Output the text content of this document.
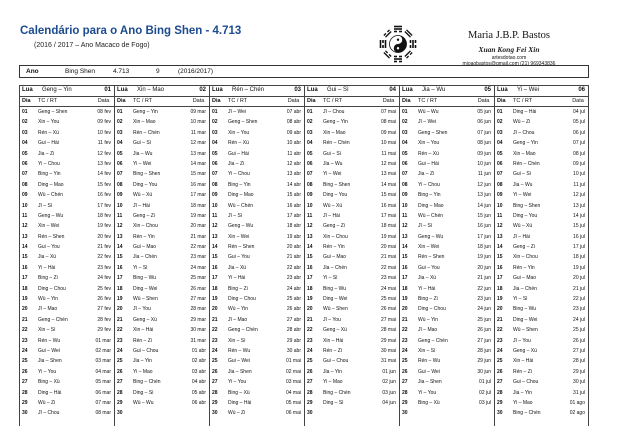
Calendário para o Ano Bing Shen - 4.713
(2016 / 2017 – Ano Macaco de Fogo)
Maria J.B.P. Bastos
Xuan Kong Fei Xin
artesdotao.com
mjoaobastos@gmail.com (21) 969343836
Ano	Bing Shen	4.713	9	(2016/2017)
Lua Geng – Yin	01
Dia	TC / RT	Data
01	Geng – Shen	08 fev
02	Xin – You	09 fev
03	Rén – Xü	10 fev
04	Gui – Hài	11 fev
05	Jia – Zi	12 fev
06	Yi – Chou	13 fev
07	Bing – Yin	14 fev
08	Ding – Mao	15 fev
09	Wù – Chén	16 fev
10	Jî – Sì	17 fev
11	Geng – Wu	18 fev
12	Xin – Wei	19 fev
13	Rén – Shen	20 fev
14	Gui – You	21 fev
15	Jia – Xü	22 fev
16	Yi – Hài	23 fev
17	Bing – Zi	24 fev
18	Ding – Chou	25 fev
19	Wù – Yin	26 fev
20	Jî – Mao	27 fev
21	Geng – Chén	28 fev
22	Xin – Sì	29 fev
23	Rén – Wu	01 mar
24	Gui – Wei	02 mar
25	Jia – Shen	03 mar
26	Yi – You	04 mar
27	Bing – Xü	05 mar
28	Ding – Hài	06 mar
29	Wù – Zi	07 mar
30	Jî – Chou	08 mar
Lua Xin – Mao	02
Dia	TC / RT	Data
01	Geng – Yin	09 mar
02	Xin – Mao	10 mar
03	Rén – Chén	11 mar
04	Gui – Sì	12 mar
05	Jia – Wu	13 mar
06	Yi – Wei	14 mar
07	Bing – Shen	15 mar
08	Ding – You	16 mar
09	Wù – Xü	17 mar
10	Jî – Hài	18 mar
11	Geng – Zi	19 mar
12	Xin – Chou	20 mar
13	Rén – Yin	21 mar
14	Gui – Mao	22 mar
15	Jia – Chén	23 mar
16	Yi – Sì	24 mar
17	Bing – Wu	25 mar
18	Ding – Wei	26 mar
19	Wù – Shen	27 mar
20	Jî – You	28 mar
21	Geng – Xü	29 mar
22	Xin – Hài	30 mar
23	Rén – Zi	31 mar
24	Gui – Chou	01 abr
25	Jia – Yin	02 abr
26	Yi – Mao	03 abr
27	Bing – Chén	04 abr
28	Ding – Sì	05 abr
29	Wù – Wu	06 abr
30
Lua Rén – Chén	03
Dia	TC / RT	Data
01	Jî – Wei	07 abr
02	Geng – Shen	08 abr
03	Xin – You	09 abr
04	Rén – Xü	10 abr
05	Gui – Hài	11 abr
06	Jia – Zi	12 abr
07	Yi – Chou	13 abr
08	Bing – Yin	14 abr
09	Ding – Mao	15 abr
10	Wù – Chén	16 abr
11	Jî – Sì	17 abr
12	Geng – Wu	18 abr
13	Xin – Wei	19 abr
14	Rén – Shen	20 abr
15	Gui – You	21 abr
16	Jia – Xü	22 abr
17	Yi – Hài	23 abr
18	Bing – Zi	24 abr
19	Ding – Chou	25 abr
20	Wù – Yin	26 abr
21	Jî – Mao	27 abr
22	Geng – Chén	28 abr
23	Xin – Sì	29 abr
24	Rén – Wu	30 abr
25	Gui – Wei	01 mai
26	Jia – Shen	02 mai
27	Yi – You	03 mai
28	Bing – Xü	04 mai
29	Ding – Hài	05 mai
30	Wù – Zi	06 mai
Lua Gui – Sì	04
Dia	TC / RT	Data
01	Jî – Chou	07 mai
02	Geng – Yin	08 mai
03	Xin – Mao	09 mai
04	Rén – Chén	10 mai
05	Gui – Sì	11 mai
06	Jia – Wu	12 mai
07	Yi – Wei	13 mai
08	Bing – Shen	14 mai
09	Ding – You	15 mai
10	Wù – Xü	16 mai
11	Jî – Hài	17 mai
12	Geng – Zi	18 mai
13	Xin – Chou	19 mai
14	Rén – Yin	20 mai
15	Gui – Mao	21 mai
16	Jia – Chén	22 mai
17	Yi – Sì	23 mai
18	Bing – Wu	24 mai
19	Ding – Wei	25 mai
20	Wù – Shen	26 mai
21	Jî – You	27 mai
22	Geng – Xü	28 mai
23	Xin – Hài	29 mai
24	Rén – Zi	30 mai
25	Gui – Chou	31 mai
26	Jia – Yin	01 jun
27	Yi – Mao	02 jun
28	Bing – Chén	03 jun
29	Ding – Sì	04 jun
30
Lua Jia – Wu	05
Dia	TC / RT	Data
01	Wù – Wu	05 jun
02	Jî – Wei	06 jun
03	Geng – Shen	07 jun
04	Xin – You	08 jun
05	Rén – Xü	09 jun
06	Gui – Hài	10 jun
07	Jia – Zi	11 jun
08	Yi – Chou	12 jun
09	Bing – Yin	13 jun
10	Ding – Mao	14 jun
11	Wù – Chén	15 jun
12	Jî – Sì	16 jun
13	Geng – Wu	17 jun
14	Xin – Wei	18 jun
15	Rén – Shen	19 jun
16	Gui – You	20 jun
17	Jia – Xü	21 jun
18	Yi – Hài	22 jun
19	Bing – Zi	23 jun
20	Ding – Chou	24 jun
21	Wù – Yin	25 jun
22	Jî – Mao	26 jun
23	Geng – Chén	27 jun
24	Xin – Sì	28 jun
25	Rén – Wu	29 jun
26	Gui – Wei	30 jun
27	Jia – Shen	01 jul
28	Yi – You	02 jul
29	Bing – Xü	03 jul
30
Lua Yi – Wei	06
Dia	TC / RT	Data
01	Ding – Hài	04 jul
02	Wù – Zi	05 jul
03	Jî – Chou	06 jul
04	Geng – Yin	07 jul
05	Xin – Mao	08 jul
06	Rén – Chén	09 jul
07	Gui – Sì	10 jul
08	Jia – Wu	11 jul
09	Yi – Wei	12 jul
10	Bing – Shen	13 jul
11	Ding – You	14 jul
12	Wù – Xü	15 jul
13	Jî – Hài	16 jul
14	Geng – Zi	17 jul
15	Xin – Chou	18 jul
16	Rén – Yin	19 jul
17	Gui – Mao	20 jul
18	Jia – Chén	21 jul
19	Yi – Sì	22 jul
20	Bing – Wu	23 jul
21	Ding – Wei	24 jul
22	Wù – Shen	25 jul
23	Jî – You	26 jul
24	Geng – Xü	27 jul
25	Xin – Hài	28 jul
26	Rén – Zi	29 jul
27	Gui – Chou	30 jul
28	Jia – Yin	31 jul
29	Yi – Mao	01 ago
30	Bing – Chén	02 ago
